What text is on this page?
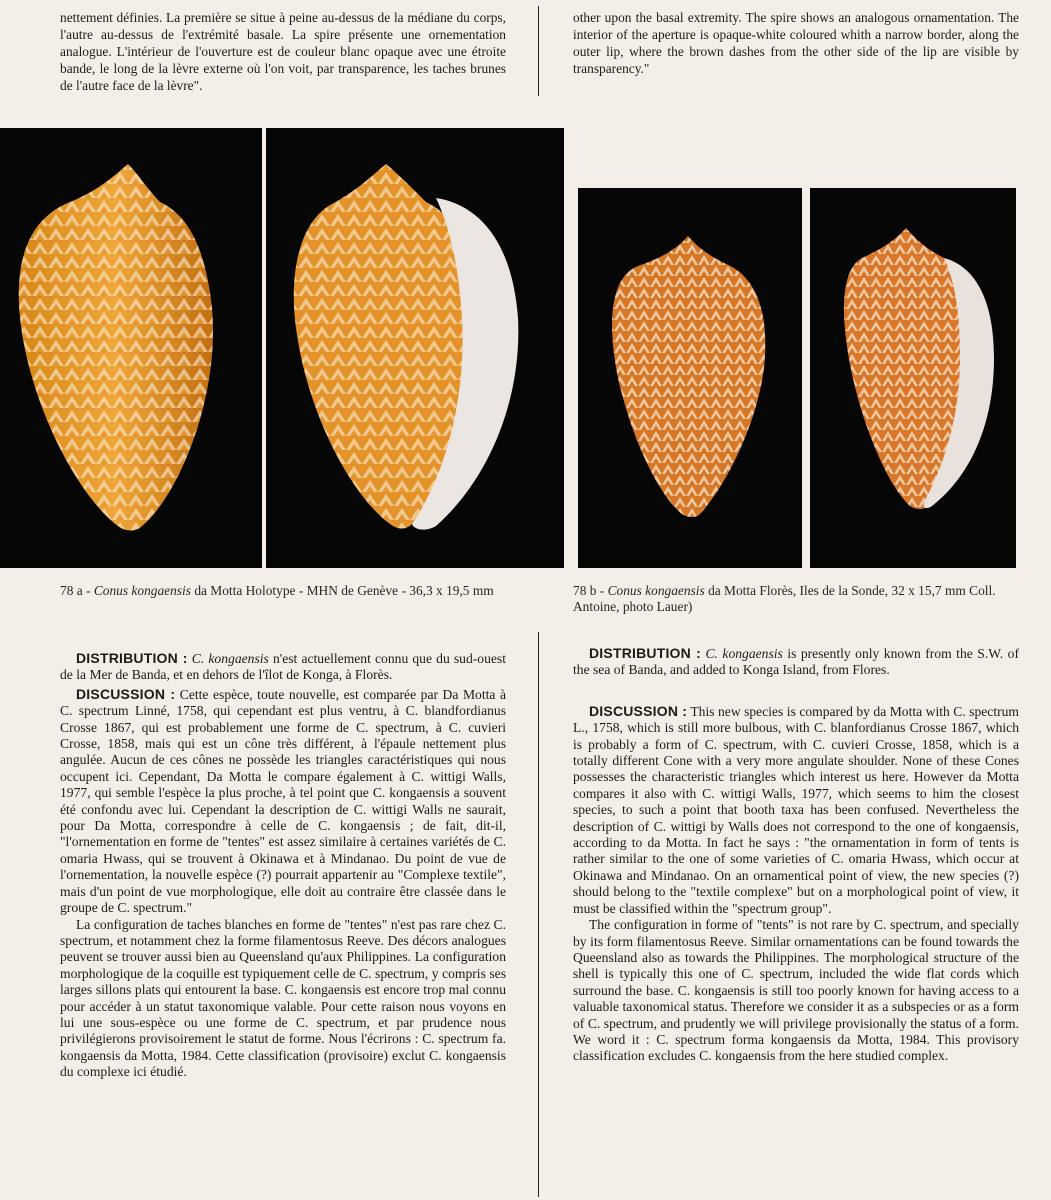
nettement définies. La première se situe à peine au-dessus de la médiane du corps, l'autre au-dessus de l'extrémité basale. La spire présente une ornementation analogue. L'intérieur de l'ouverture est de couleur blanc opaque avec une étroite bande, le long de la lèvre externe où l'on voit, par transparence, les taches brunes de l'autre face de la lèvre".

other upon the basal extremity. The spire shows an analogous ornamentation. The interior of the aperture is opaque-white coloured whith a narrow border, along the outer lip, where the brown dashes from the other side of the lip are visible by transparency."

78 a - Conus kongaensis da Motta Holotype - MHN de Genève - 36,3 x 19,5 mm	78 b - Conus kongaensis da Motta Florès, Iles de la Sonde, 32 x 15,7 mm Coll. Antoine, photo Lauer)

DISTRIBUTION : C. kongaensis n'est actuellement connu que du sud-ouest de la Mer de Banda, et en dehors de l'îlot de Konga, à Florès.

DISCUSSION : Cette espèce, toute nouvelle, est comparée par Da Motta à C. spectrum Linné, 1758, qui cependant est plus ventru, à C. blandfordianus Crosse 1867, qui est probablement une forme de C. spectrum, à C. cuvieri Crosse, 1858, mais qui est un cône très différent, à l'épaule nettement plus angulée. Aucun de ces cônes ne possède les triangles caractéristiques qui nous occupent ici. Cependant, Da Motta le compare également à C. wittigi Walls, 1977, qui semble l'espèce la plus proche, à tel point que C. kongaensis a souvent été confondu avec lui. Cependant la description de C. wittigi Walls ne saurait, pour Da Motta, correspondre à celle de C. kongaensis ; de fait, dit-il, "l'ornementation en forme de "tentes" est assez similaire à certaines variétés de C. omaria Hwass, qui se trouvent à Okinawa et à Mindanao. Du point de vue de l'ornementation, la nouvelle espèce (?) pourrait appartenir au "Complexe textile", mais d'un point de vue morphologique, elle doit au contraire être classée dans le groupe de C. spectrum."

La configuration de taches blanches en forme de "tentes" n'est pas rare chez C. spectrum, et notamment chez la forme filamentosus Reeve. Des décors analogues peuvent se trouver aussi bien au Queensland qu'aux Philippines. La configuration morphologique de la coquille est typiquement celle de C. spectrum, y compris ses larges sillons plats qui entourent la base. C. kongaensis est encore trop mal connu pour accéder à un statut taxonomique valable. Pour cette raison nous voyons en lui une sous-espèce ou une forme de C. spectrum, et par prudence nous privilégierons provisoirement le statut de forme. Nous l'écrirons : C. spectrum fa. kongaensis da Motta, 1984. Cette classification (provisoire) exclut C. kongaensis du complexe ici étudié.

DISTRIBUTION : C. kongaensis is presently only known from the S.W. of the sea of Banda, and added to Konga Island, from Flores.

DISCUSSION : This new species is compared by da Motta with C. spectrum L., 1758, which is still more bulbous, with C. blanfordianus Crosse 1867, which is probably a form of C. spectrum, with C. cuvieri Crosse, 1858, which is a totally different Cone with a very more angulate shoulder. None of these Cones possesses the characteristic triangles which interest us here. However da Motta compares it also with C. wittigi Walls, 1977, which seems to him the closest species, to such a point that booth taxa has been confused. Nevertheless the description of C. wittigi by Walls does not correspond to the one of kongaensis, according to da Motta. In fact he says : "the ornamentation in form of tents is rather similar to the one of some varieties of C. omaria Hwass, which occur at Okinawa and Mindanao. On an ornamentical point of view, the new species (?) should belong to the "textile complexe" but on a morphological point of view, it must be classified within the "spectrum group".

The configuration in forme of "tents" is not rare by C. spectrum, and specially by its form filamentosus Reeve. Similar ornamentations can be found towards the Queensland also as towards the Philippines. The morphological structure of the shell is typically this one of C. spectrum, included the wide flat cords which surround the base. C. kongaensis is still too poorly known for having access to a valuable taxonomical status. Therefore we consider it as a subspecies or as a form of C. spectrum, and prudently we will privilege provisionally the status of a form. We word it : C. spectrum forma kongaensis da Motta, 1984. This provisory classification excludes C. kongaensis from the here studied complex.
